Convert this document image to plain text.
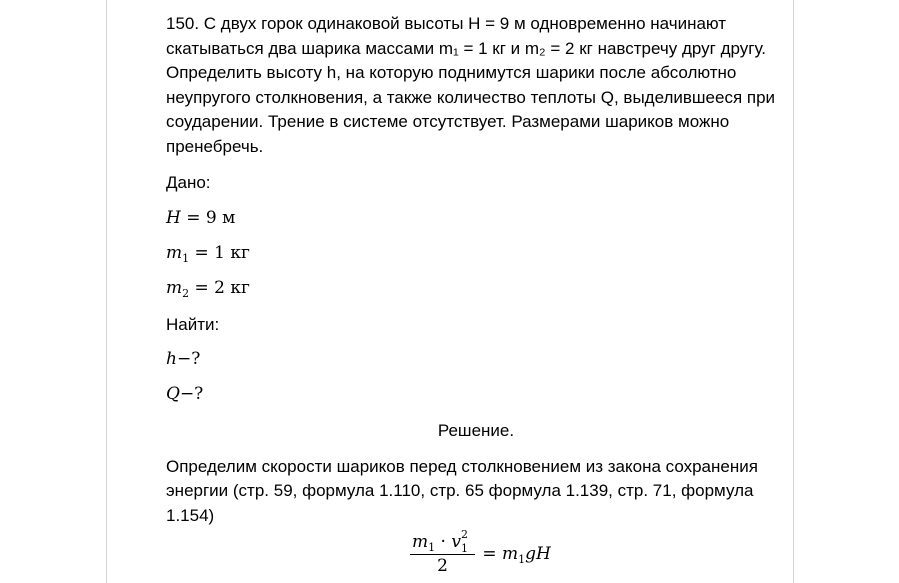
150. С двух горок одинаковой высоты H = 9 м одновременно начинают
скатываться два шарика массами m₁ = 1 кг и m₂ = 2 кг навстречу друг другу.
Определить высоту h, на которую поднимутся шарики после абсолютно
неупругого столкновения, а также количество теплоты Q, выделившееся при
соударении. Трение в системе отсутствует. Размерами шариков можно
пренебречь.
Дано:
H = 9 м
$m_1 = 1$ кг
$m_2 = 2$ кг
Найти:
h−?
Q−?
Решение.
Определим скорости шариков перед столкновением из закона сохранения
энергии (стр. 59, формула 1.110, стр. 65 формула 1.139, стр. 71, формула
1.154)
$m_1 \cdot v$ 2
1
$2 = m_1gH$
